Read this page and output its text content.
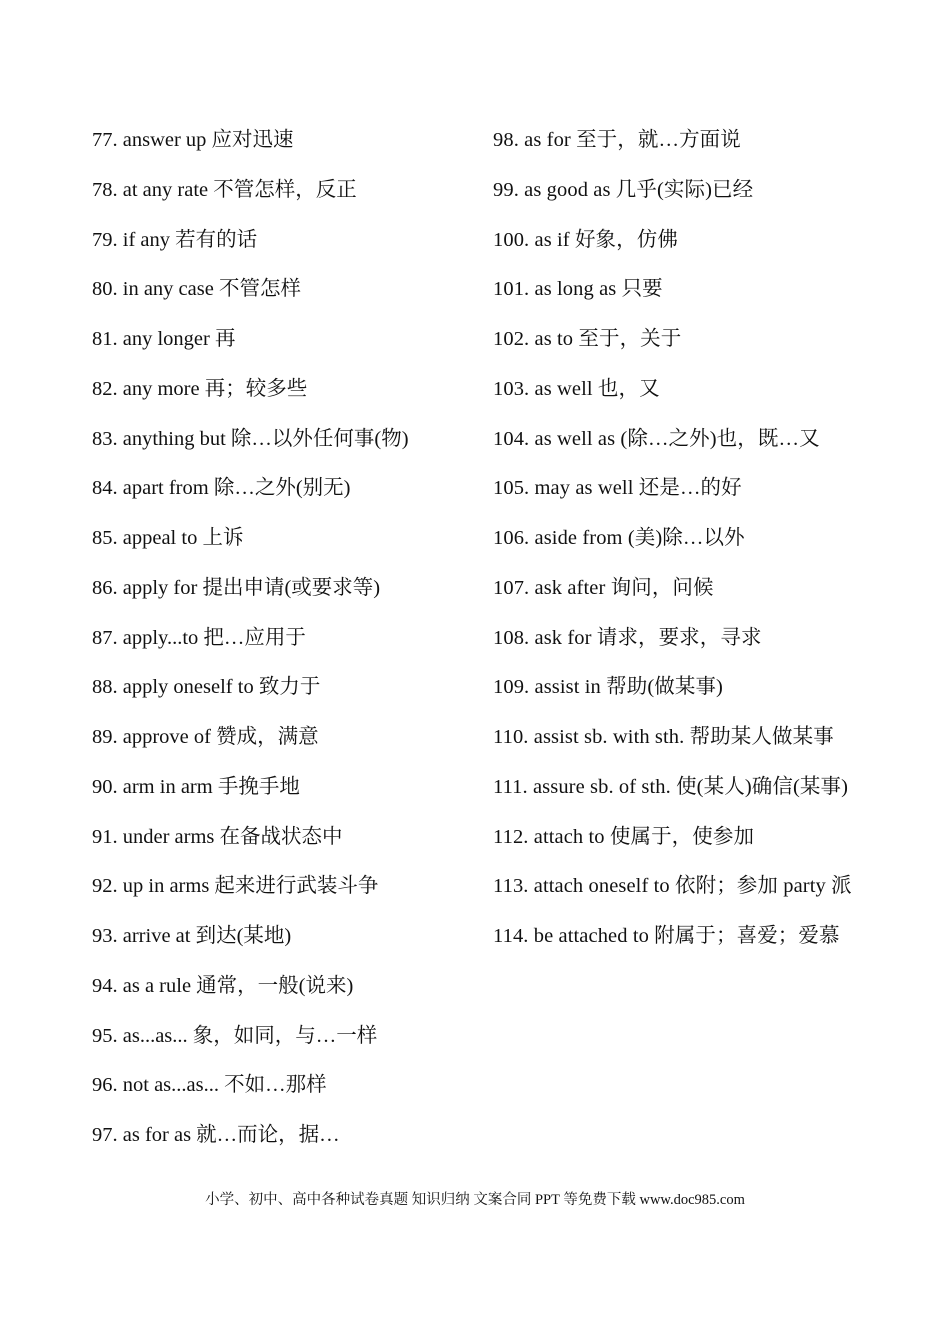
77. answer up 应对迅速
78. at any rate 不管怎样，反正
79. if any 若有的话
80. in any case 不管怎样
81. any longer 再
82. any more 再；较多些
83. anything but 除…以外任何事(物)
84. apart from 除…之外(别无)
85. appeal to 上诉
86. apply for 提出申请(或要求等)
87. apply...to 把…应用于
88. apply oneself to 致力于
89. approve of 赞成，满意
90. arm in arm 手挽手地
91. under arms 在备战状态中
92. up in arms 起来进行武装斗争
93. arrive at 到达(某地)
94. as a rule 通常，一般(说来)
95. as...as... 象，如同，与…一样
96. not as...as... 不如…那样
97. as for as 就…而论，据…
98. as for 至于，就…方面说
99. as good as 几乎(实际)已经
100. as if 好象，仿佛
101. as long as 只要
102. as to 至于，关于
103. as well 也，又
104. as well as (除…之外)也，既…又
105. may as well 还是…的好
106. aside from (美)除…以外
107. ask after 询问，问候
108. ask for 请求，要求，寻求
109. assist in 帮助(做某事)
110. assist sb. with sth. 帮助某人做某事
111. assure sb. of sth. 使(某人)确信(某事)
112. attach to 使属于，使参加
113. attach oneself to 依附；参加 party 派
114. be attached to 附属于；喜爱；爱慕
小学、初中、高中各种试卷真题 知识归纳 文案合同 PPT 等免费下载 www.doc985.com
